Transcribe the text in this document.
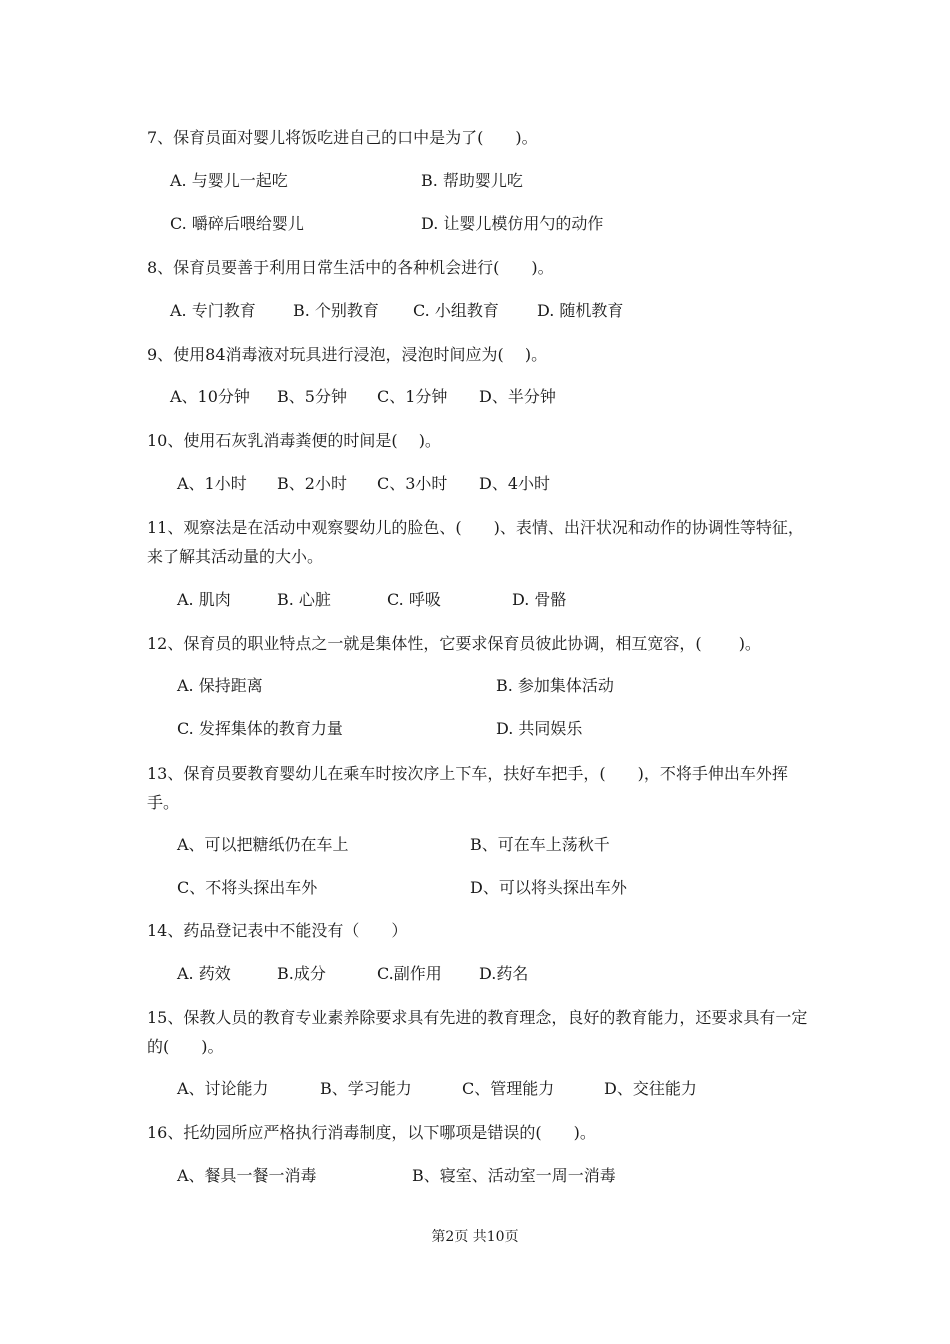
7、保育员面对婴儿将饭吃进自己的口中是为了(　　)。
A. 与婴儿一起吃	B. 帮助婴儿吃
C. 嚼碎后喂给婴儿	D. 让婴儿模仿用勺的动作
8、保育员要善于利用日常生活中的各种机会进行(　　)。
A. 专门教育 B. 个别教育 C. 小组教育 D. 随机教育
9、使用84消毒液对玩具进行浸泡，浸泡时间应为(　 )。
A、10分钟 B、5分钟 C、1分钟 D、半分钟
10、使用石灰乳消毒粪便的时间是(　 )。
A、1小时 B、2小时 C、3小时 D、4小时
11、观察法是在活动中观察婴幼儿的脸色、(　　)、表情、出汗状况和动作的协调性等特征，来了解其活动量的大小。
A. 肌肉	B. 心脏	C. 呼吸	D. 骨骼
12、保育员的职业特点之一就是集体性，它要求保育员彼此协调，相互宽容，(　　 )。
A. 保持距离	B. 参加集体活动
C. 发挥集体的教育力量	D. 共同娱乐
13、保育员要教育婴幼儿在乘车时按次序上下车，扶好车把手，(　　)，不将手伸出车外挥手。
A、可以把糖纸仍在车上	B、可在车上荡秋千
C、不将头探出车外	D、可以将头探出车外
14、药品登记表中不能没有（　　）
A. 药效	B.成分	C.副作用 D.药名
15、保教人员的教育专业素养除要求具有先进的教育理念，良好的教育能力，还要求具有一定的(　　)。
A、讨论能力	B、学习能力	C、管理能力	D、交往能力
16、托幼园所应严格执行消毒制度，以下哪项是错误的(　　)。
A、餐具一餐一消毒	B、寝室、活动室一周一消毒
第2页 共10页
